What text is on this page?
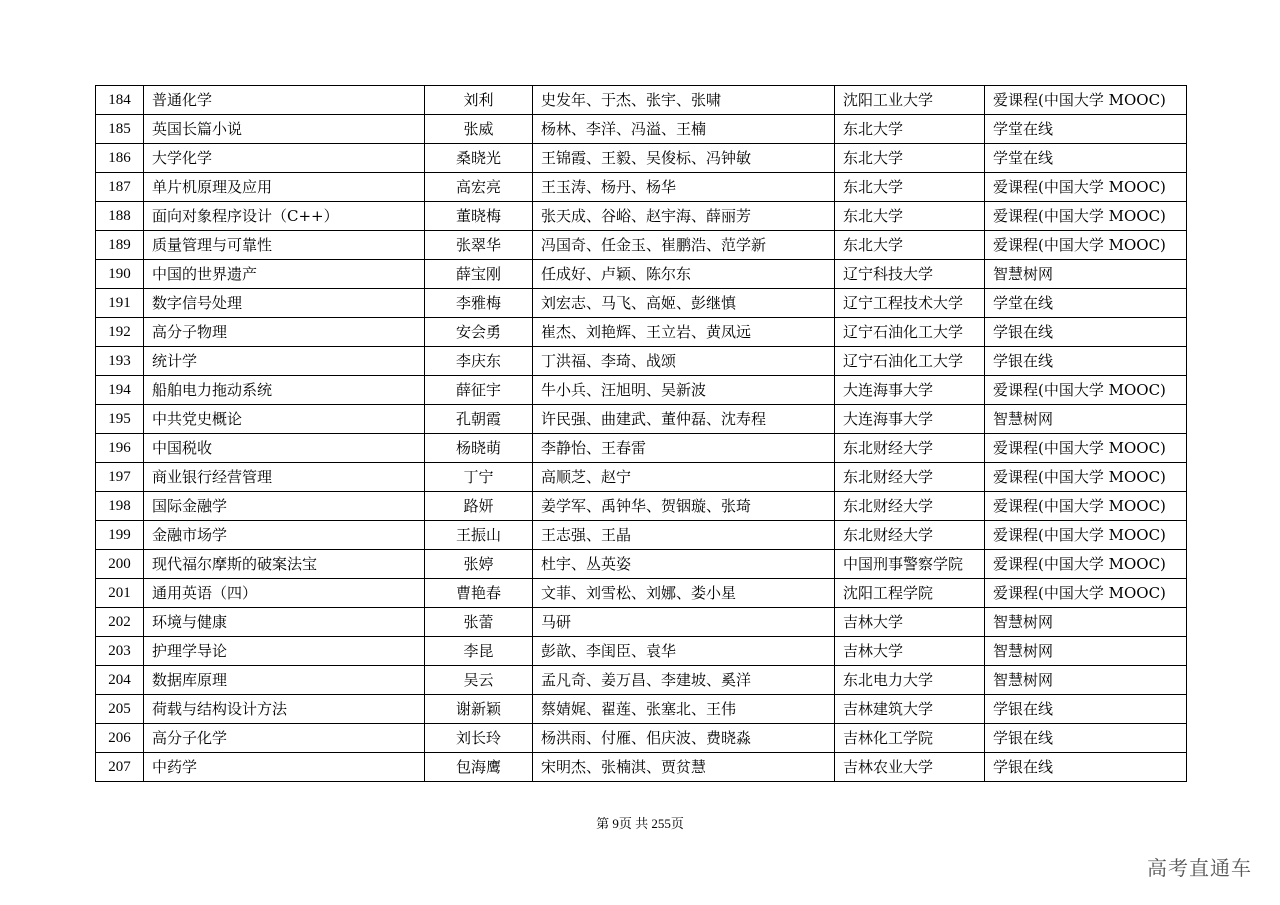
184	普通化学	刘利	史发年、于杰、张宇、张啸	沈阳工业大学	爱课程(中国大学 MOOC)
185	英国长篇小说	张威	杨林、李洋、冯溢、王楠	东北大学	学堂在线
186	大学化学	桑晓光	王锦霞、王毅、吴俊标、冯钟敏	东北大学	学堂在线
187	单片机原理及应用	高宏亮	王玉涛、杨丹、杨华	东北大学	爱课程(中国大学 MOOC)
188	面向对象程序设计（C++）	董晓梅	张天成、谷峪、赵宇海、薛丽芳	东北大学	爱课程(中国大学 MOOC)
189	质量管理与可靠性	张翠华	冯国奇、任金玉、崔鹏浩、范学新	东北大学	爱课程(中国大学 MOOC)
190	中国的世界遗产	薛宝刚	任成好、卢颖、陈尔东	辽宁科技大学	智慧树网
191	数字信号处理	李雅梅	刘宏志、马飞、高姬、彭继慎	辽宁工程技术大学	学堂在线
192	高分子物理	安会勇	崔杰、刘艳辉、王立岩、黄凤远	辽宁石油化工大学	学银在线
193	统计学	李庆东	丁洪福、李琦、战颂	辽宁石油化工大学	学银在线
194	船舶电力拖动系统	薛征宇	牛小兵、汪旭明、吴新波	大连海事大学	爱课程(中国大学 MOOC)
195	中共党史概论	孔朝霞	许民强、曲建武、董仲磊、沈寿程	大连海事大学	智慧树网
196	中国税收	杨晓萌	李静怡、王春雷	东北财经大学	爱课程(中国大学 MOOC)
197	商业银行经营管理	丁宁	高顺芝、赵宁	东北财经大学	爱课程(中国大学 MOOC)
198	国际金融学	路妍	姜学军、禹钟华、贺铟璇、张琦	东北财经大学	爱课程(中国大学 MOOC)
199	金融市场学	王振山	王志强、王晶	东北财经大学	爱课程(中国大学 MOOC)
200	现代福尔摩斯的破案法宝	张婷	杜宇、丛英姿	中国刑事警察学院	爱课程(中国大学 MOOC)
201	通用英语（四）	曹艳春	文菲、刘雪松、刘娜、娄小星	沈阳工程学院	爱课程(中国大学 MOOC)
202	环境与健康	张蕾	马研	吉林大学	智慧树网
203	护理学导论	李昆	彭歆、李闺臣、袁华	吉林大学	智慧树网
204	数据库原理	吴云	孟凡奇、姜万昌、李建坡、奚洋	东北电力大学	智慧树网
205	荷载与结构设计方法	谢新颖	蔡婧娓、翟莲、张塞北、王伟	吉林建筑大学	学银在线
206	高分子化学	刘长玲	杨洪雨、付雁、佀庆波、费晓淼	吉林化工学院	学银在线
207	中药学	包海鹰	宋明杰、张楠淇、贾贫慧	吉林农业大学	学银在线
第 9页 共 255页
高考直通车
